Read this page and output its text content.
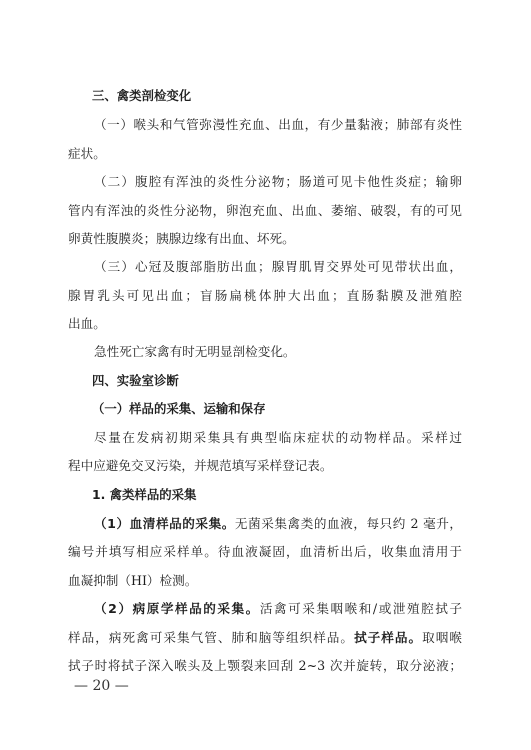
三、禽类剖检变化
（一）喉头和气管弥漫性充血、出血，有少量黏液；肺部有炎性
症状。
（二）腹腔有浑浊的炎性分泌物；肠道可见卡他性炎症；输卵
管内有浑浊的炎性分泌物，卵泡充血、出血、萎缩、破裂，有的可见
卵黄性腹膜炎；胰腺边缘有出血、坏死。
（三）心冠及腹部脂肪出血；腺胃肌胃交界处可见带状出血，
腺胃乳头可见出血；盲肠扁桃体肿大出血；直肠黏膜及泄殖腔
出血。
急性死亡家禽有时无明显剖检变化。
四、实验室诊断
（一）样品的采集、运输和保存
尽量在发病初期采集具有典型临床症状的动物样品。采样过
程中应避免交叉污染，并规范填写采样登记表。
1. 禽类样品的采集
（1）血清样品的采集。无菌采集禽类的血液，每只约 2 毫升，
编号并填写相应采样单。待血液凝固，血清析出后，收集血清用于
血凝抑制（HI）检测。
（2）病原学样品的采集。活禽可采集咽喉和/或泄殖腔拭子
样品，病死禽可采集气管、肺和脑等组织样品。拭子样品。取咽喉
拭子时将拭子深入喉头及上颚裂来回刮 2~3 次并旋转，取分泌液；
— 20 —
